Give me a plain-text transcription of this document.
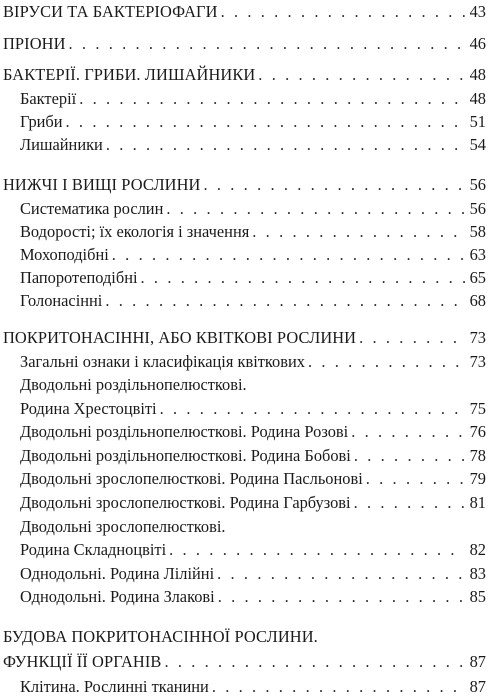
ВІРУСИ ТА БАКТЕРІОФАГИ . . .	43
ПРІОНИ . . .	46
БАКТЕРІЇ. ГРИБИ. ЛИШАЙНИКИ . . .	48
Бактерії . . .	48
Гриби . . .	51
Лишайники . . .	54
НИЖЧІ І ВИЩІ РОСЛИНИ . . .	56
Систематика рослин . . .	56
Водорості; їх екологія і значення . . .	58
Мохоподібні . . .	63
Папоротеподібні . . .	65
Голонасінні . . .	68
ПОКРИТОНАСІННІ, АБО КВІТКОВІ РОСЛИНИ . . .	73
Загальні ознаки і класифікація квіткових . . .	73
Дводольні роздільнопелюсткові.
Родина Хрестоцвіті . . .	75
Дводольні роздільнопелюсткові. Родина Розові . . .	76
Дводольні роздільнопелюсткові. Родина Бобові . . .	78
Дводольні зрослопелюсткові. Родина Пасльонові . . .	79
Дводольні зрослопелюсткові. Родина Гарбузові . . .	81
Дводольні зрослопелюсткові.
Родина Складноцвіті . . .	82
Однодольні. Родина Лілійні . . .	83
Однодольні. Родина Злакові . . .	85
БУДОВА ПОКРИТОНАСІННОЇ РОСЛИНИ.
ФУНКЦІЇ ЇЇ ОРГАНІВ . . .	87
Клітина. Рослинні тканини . . .	87
